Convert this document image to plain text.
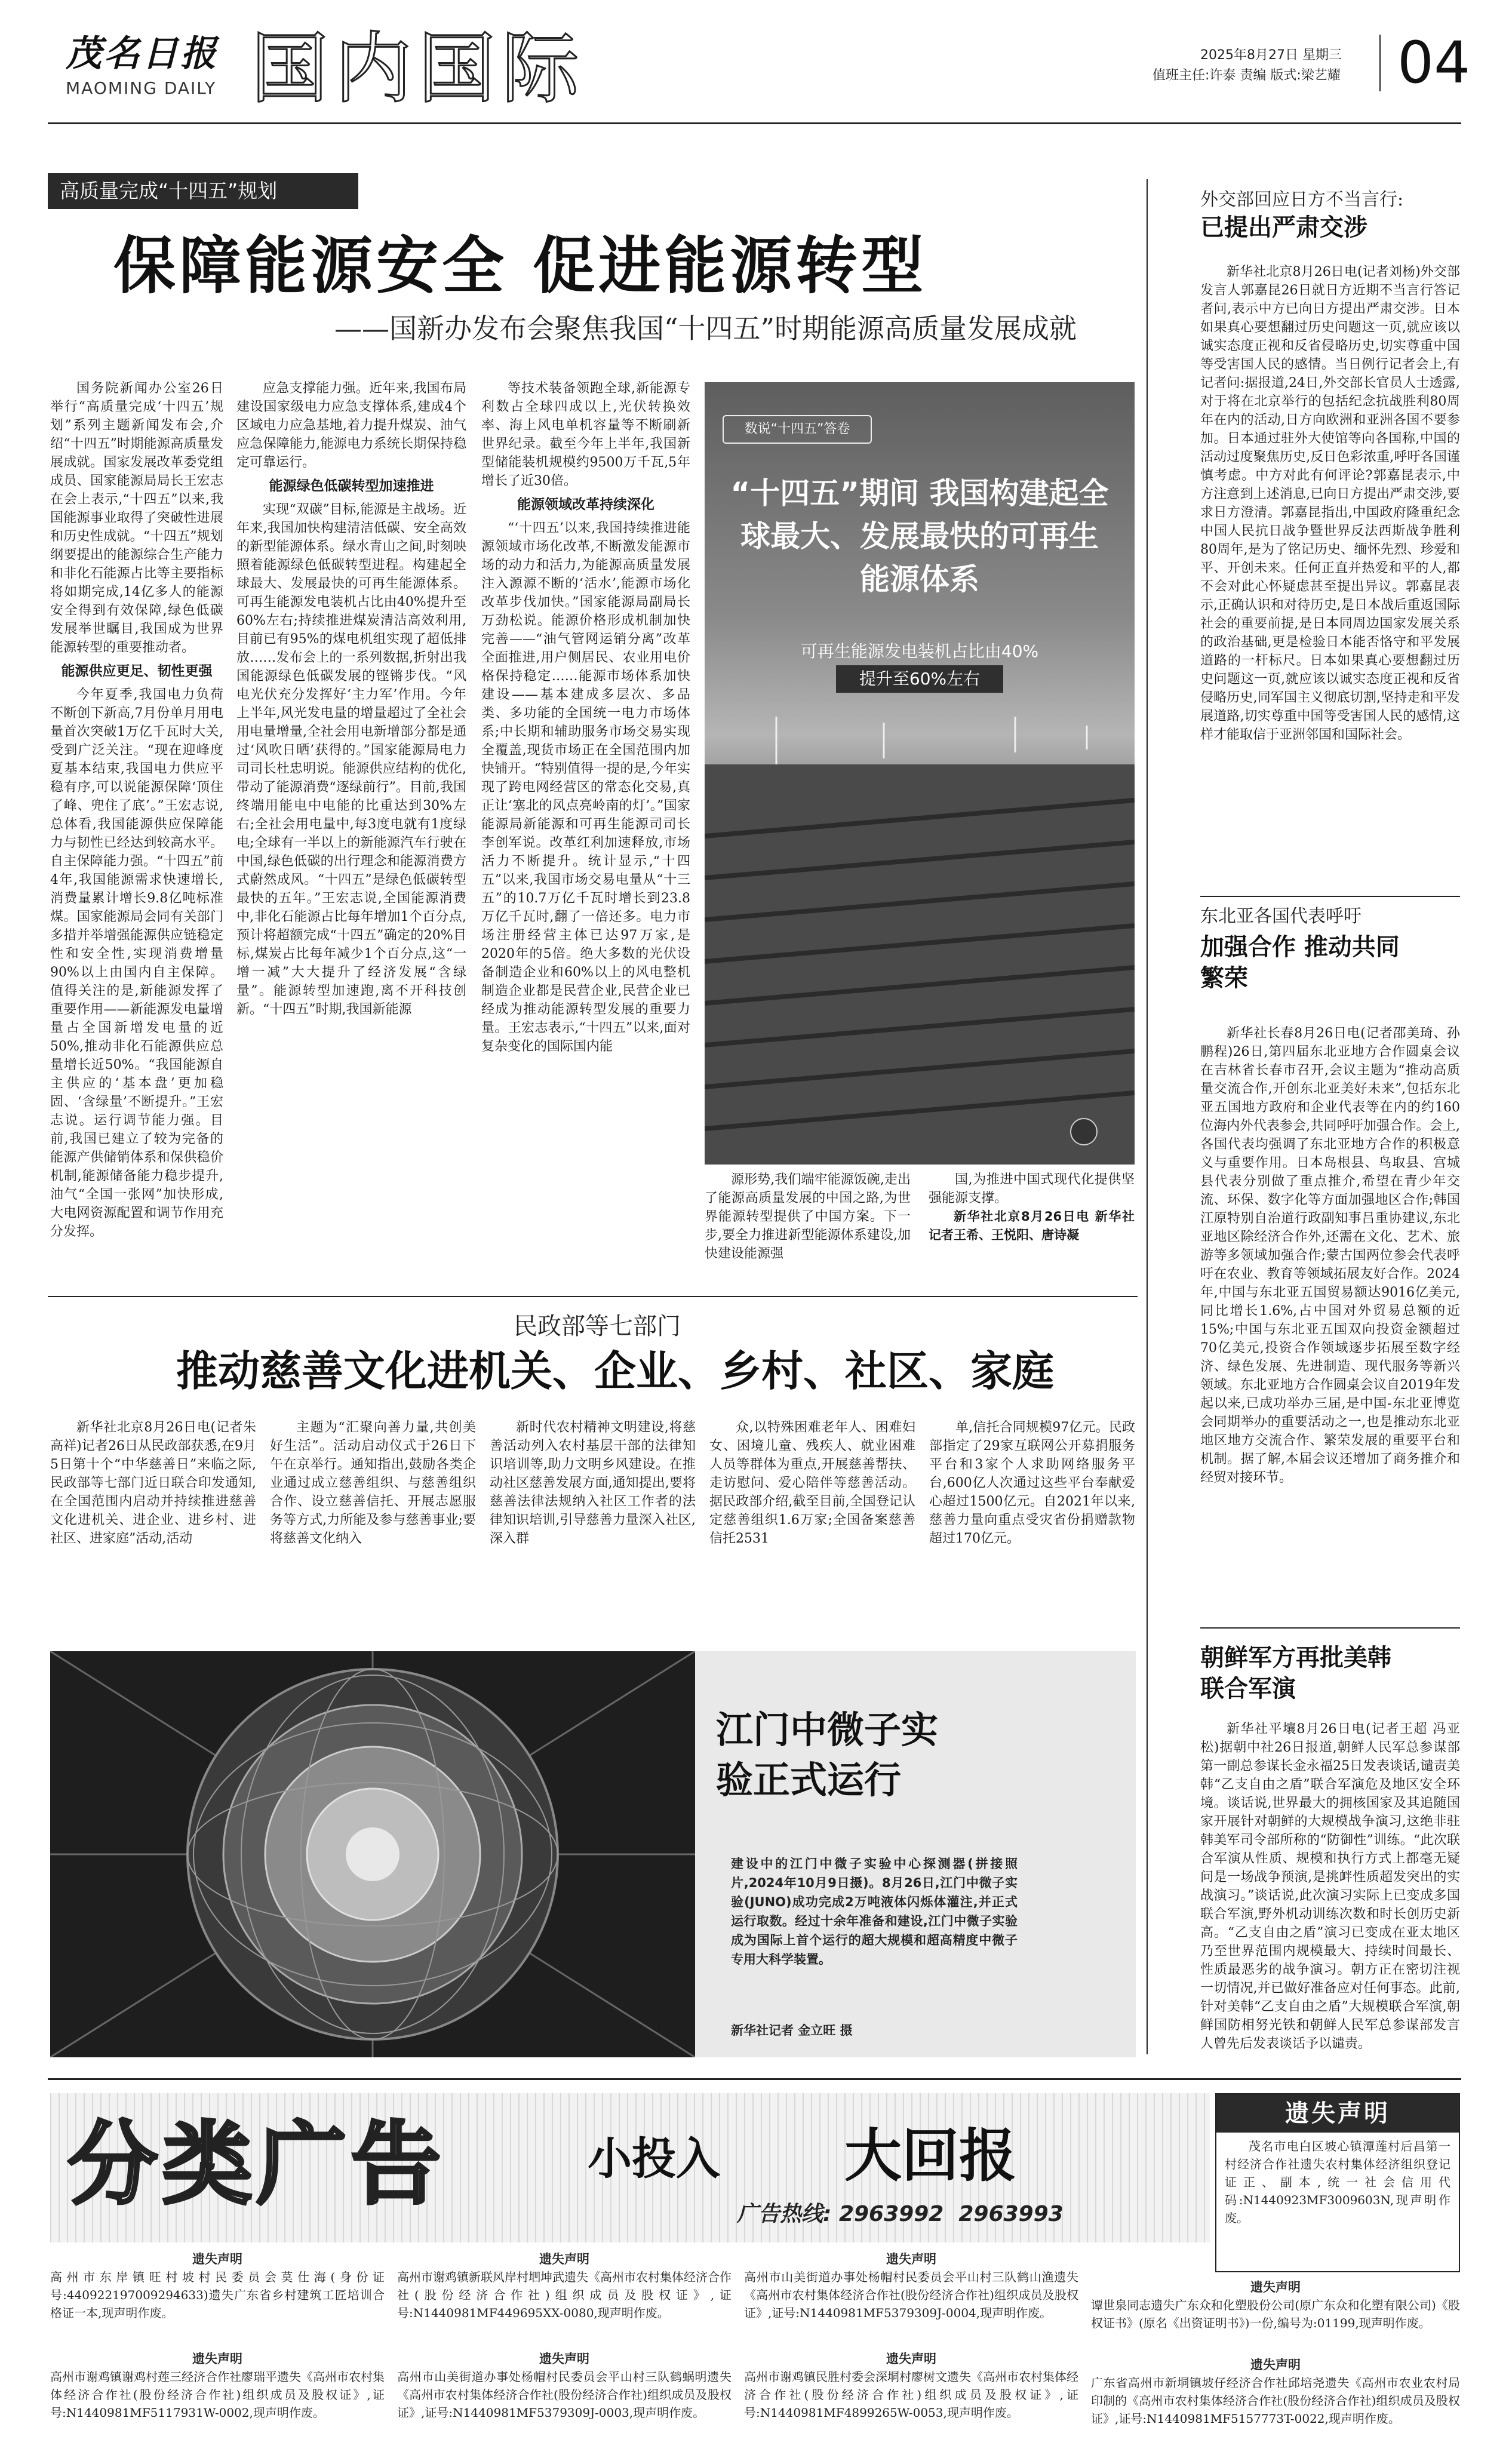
茂名日报
MAOMING DAILY 国内国际	2025年8月27日 星期三
值班主任:许泰 责编 版式:梁艺耀 04
高质量完成“十四五”规划
保障能源安全 促进能源转型
——国新办发布会聚焦我国“十四五”时期能源高质量发展成就

国务院新闻办公室26日举行“高质量完成‘十四五’规划”系列主题新闻发布会,介绍“十四五”时期能源高质量发展成就。国家发展改革委党组成员、国家能源局局长王宏志在会上表示,“十四五”以来,我国能源事业取得了突破性进展和历史性成就。“十四五”规划纲要提出的能源综合生产能力和非化石能源占比等主要指标将如期完成,14亿多人的能源安全得到有效保障,绿色低碳发展举世瞩目,我国成为世界能源转型的重要推动者。

能源供应更足、韧性更强

今年夏季,我国电力负荷不断创下新高,7月份单月用电量首次突破1万亿千瓦时大关,受到广泛关注。“现在迎峰度夏基本结束,我国电力供应平稳有序,可以说能源保障‘顶住了峰、兜住了底’。”王宏志说,总体看,我国能源供应保障能力与韧性已经达到较高水平。自主保障能力强。“十四五”前4年,我国能源需求快速增长,消费量累计增长9.8亿吨标准煤。国家能源局会同有关部门多措并举增强能源供应链稳定性和安全性,实现消费增量90%以上由国内自主保障。值得关注的是,新能源发挥了重要作用——新能源发电量增量占全国新增发电量的近50%,推动非化石能源供应总量增长近50%。“我国能源自主供应的‘基本盘’更加稳固、‘含绿量’不断提升。”王宏志说。运行调节能力强。目前,我国已建立了较为完备的能源产供储销体系和保供稳价机制,能源储备能力稳步提升,油气“全国一张网”加快形成,大电网资源配置和调节作用充分发挥。

应急支撑能力强。近年来,我国布局建设国家级电力应急支撑体系,建成4个区域电力应急基地,着力提升煤炭、油气应急保障能力,能源电力系统长期保持稳定可靠运行。

能源绿色低碳转型加速推进

实现“双碳”目标,能源是主战场。近年来,我国加快构建清洁低碳、安全高效的新型能源体系。绿水青山之间,时刻映照着能源绿色低碳转型进程。构建起全球最大、发展最快的可再生能源体系。可再生能源发电装机占比由40%提升至60%左右;持续推进煤炭清洁高效利用,目前已有95%的煤电机组实现了超低排放……发布会上的一系列数据,折射出我国能源绿色低碳发展的铿锵步伐。“风电光伏充分发挥好‘主力军’作用。今年上半年,风光发电量的增量超过了全社会用电量增量,全社会用电新增部分都是通过‘风吹日晒’获得的。”国家能源局电力司司长杜忠明说。能源供应结构的优化,带动了能源消费“逐绿前行”。目前,我国终端用能电中电能的比重达到30%左右;全社会用电量中,每3度电就有1度绿电;全球有一半以上的新能源汽车行驶在中国,绿色低碳的出行理念和能源消费方式蔚然成风。“十四五”是绿色低碳转型最快的五年。”王宏志说,全国能源消费中,非化石能源占比每年增加1个百分点,预计将超额完成“十四五”确定的20%目标,煤炭占比每年减少1个百分点,这“一增一减”大大提升了经济发展“含绿量”。能源转型加速跑,离不开科技创新。“十四五”时期,我国新能源

等技术装备领跑全球,新能源专利数占全球四成以上,光伏转换效率、海上风电单机容量等不断刷新世界纪录。截至今年上半年,我国新型储能装机规模约9500万千瓦,5年增长了近30倍。

能源领域改革持续深化

“‘十四五’以来,我国持续推进能源领域市场化改革,不断激发能源市场的动力和活力,为能源高质量发展注入源源不断的‘活水’,能源市场化改革步伐加快。”国家能源局副局长万劲松说。能源价格形成机制加快完善——“油气管网运销分离”改革全面推进,用户侧居民、农业用电价格保持稳定……能源市场体系加快建设——基本建成多层次、多品类、多功能的全国统一电力市场体系;中长期和辅助服务市场交易实现全覆盖,现货市场正在全国范围内加快铺开。“特别值得一提的是,今年实现了跨电网经营区的常态化交易,真正让‘塞北的风点亮岭南的灯’。”国家能源局新能源和可再生能源司司长李创军说。改革红利加速释放,市场活力不断提升。统计显示,“十四五”以来,我国市场交易电量从“十三五”的10.7万亿千瓦时增长到23.8万亿千瓦时,翻了一倍还多。电力市场注册经营主体已达97万家,是2020年的5倍。绝大多数的光伏设备制造企业和60%以上的风电整机制造企业都是民营企业,民营企业已经成为推动能源转型发展的重要力量。王宏志表示,“十四五”以来,面对复杂变化的国际国内能

数说“十四五”答卷
“十四五”期间 我国构建起全球最大、发展最快的可再生能源体系
可再生能源发电装机占比由40%
提升至60%左右

源形势,我们端牢能源饭碗,走出了能源高质量发展的中国之路,为世界能源转型提供了中国方案。下一步,要全力推进新型能源体系建设,加快建设能源强

国,为推进中国式现代化提供坚强能源支撑。

新华社北京8月26日电 新华社记者王希、王悦阳、唐诗凝

民政部等七部门
推动慈善文化进机关、企业、乡村、社区、家庭

新华社北京8月26日电(记者朱高祥)记者26日从民政部获悉,在9月5日第十个“中华慈善日”来临之际,民政部等七部门近日联合印发通知,在全国范围内启动并持续推进慈善文化进机关、进企业、进乡村、进社区、进家庭”活动,活动

主题为“汇聚向善力量,共创美好生活”。活动启动仪式于26日下午在京举行。通知指出,鼓励各类企业通过成立慈善组织、与慈善组织合作、设立慈善信托、开展志愿服务等方式,力所能及参与慈善事业;要将慈善文化纳入

新时代农村精神文明建设,将慈善活动列入农村基层干部的法律知识培训等,助力文明乡风建设。在推动社区慈善发展方面,通知提出,要将慈善法律法规纳入社区工作者的法律知识培训,引导慈善力量深入社区,深入群

众,以特殊困难老年人、困难妇女、困境儿童、残疾人、就业困难人员等群体为重点,开展慈善帮扶、走访慰问、爱心陪伴等慈善活动。据民政部介绍,截至目前,全国登记认定慈善组织1.6万家;全国备案慈善信托2531

单,信托合同规模97亿元。民政部指定了29家互联网公开募捐服务平台和3家个人求助网络服务平台,600亿人次通过这些平台奉献爱心超过1500亿元。自2021年以来,慈善力量向重点受灾省份捐赠款物超过170亿元。

江门中微子实验正式运行
建设中的江门中微子实验中心探测器(拼接照片,2024年10月9日摄)。8月26日,江门中微子实验(JUNO)成功完成2万吨液体闪烁体灌注,并正式运行取数。经过十余年准备和建设,江门中微子实验成为国际上首个运行的超大规模和超高精度中微子专用大科学装置。
新华社记者 金立旺 摄
外交部回应日方不当言行:
已提出严肃交涉

新华社北京8月26日电(记者刘杨)外交部发言人郭嘉昆26日就日方近期不当言行答记者问,表示中方已向日方提出严肃交涉。日本如果真心要想翻过历史问题这一页,就应该以诚实态度正视和反省侵略历史,切实尊重中国等受害国人民的感情。当日例行记者会上,有记者问:据报道,24日,外交部长官员人士透露,对于将在北京举行的包括纪念抗战胜利80周年在内的活动,日方向欧洲和亚洲各国不要参加。日本通过驻外大使馆等向各国称,中国的活动过度聚焦历史,反日色彩浓重,呼吁各国谨慎考虑。中方对此有何评论?郭嘉昆表示,中方注意到上述消息,已向日方提出严肃交涉,要求日方澄清。郭嘉昆指出,中国政府隆重纪念中国人民抗日战争暨世界反法西斯战争胜利80周年,是为了铭记历史、缅怀先烈、珍爱和平、开创未来。任何正直并热爱和平的人,都不会对此心怀疑虑甚至提出异议。郭嘉昆表示,正确认识和对待历史,是日本战后重返国际社会的重要前提,是日本同周边国家发展关系的政治基础,更是检验日本能否恪守和平发展道路的一杆标尺。日本如果真心要想翻过历史问题这一页,就应该以诚实态度正视和反省侵略历史,同军国主义彻底切割,坚持走和平发展道路,切实尊重中国等受害国人民的感情,这样才能取信于亚洲邻国和国际社会。

东北亚各国代表呼吁
加强合作 推动共同繁荣

新华社长春8月26日电(记者邵美琦、孙鹏程)26日,第四届东北亚地方合作圆桌会议在吉林省长春市召开,会议主题为“推动高质量交流合作,开创东北亚美好未来”,包括东北亚五国地方政府和企业代表等在内的约160位海内外代表参会,共同呼吁加强合作。会上,各国代表均强调了东北亚地方合作的积极意义与重要作用。日本岛根县、鸟取县、宫城县代表分别做了重点推介,希望在青少年交流、环保、数字化等方面加强地区合作;韩国江原特别自治道行政副知事吕重协建议,东北亚地区除经济合作外,还需在文化、艺术、旅游等多领域加强合作;蒙古国两位参会代表呼吁在农业、教育等领域拓展友好合作。2024年,中国与东北亚五国贸易额达9016亿美元,同比增长1.6%,占中国对外贸易总额的近15%;中国与东北亚五国双向投资金额超过70亿美元,投资合作领域逐步拓展至数字经济、绿色发展、先进制造、现代服务等新兴领域。东北亚地方合作圆桌会议自2019年发起以来,已成功举办三届,是中国-东北亚博览会同期举办的重要活动之一,也是推动东北亚地区地方交流合作、繁荣发展的重要平台和机制。据了解,本届会议还增加了商务推介和经贸对接环节。

朝鲜军方再批美韩联合军演

新华社平壤8月26日电(记者王超 冯亚松)据朝中社26日报道,朝鲜人民军总参谋部第一副总参谋长金永福25日发表谈话,谴责美韩“乙支自由之盾”联合军演危及地区安全环境。谈话说,世界最大的拥核国家及其追随国家开展针对朝鲜的大规模战争演习,这绝非驻韩美军司令部所称的“防御性”训练。“此次联合军演从性质、规模和执行方式上都毫无疑问是一场战争预演,是挑衅性质超发突出的实战演习。”谈话说,此次演习实际上已变成多国联合军演,野外机动训练次数和时长创历史新高。“乙支自由之盾”演习已变成在亚太地区乃至世界范围内规模最大、持续时间最长、性质最恶劣的战争演习。朝方正在密切注视一切情况,并已做好准备应对任何事态。此前,针对美韩“乙支自由之盾”大规模联合军演,朝鲜国防相努光铁和朝鲜人民军总参谋部发言人曾先后发表谈话予以谴责。

分类广告	小投入 大回报
广告热线: 2963992  2963993
遗失声明
茂名市电白区坡心镇潭莲村后昌第一村经济合作社遗失农村集体经济组织登记证正、副本,统一社会信用代码:N1440923MF3009603N,现声明作废。
遗失声明
高州市东岸镇旺村坡村民委员会莫仕海(身份证号:440922197009294633)遗失广东省乡村建筑工匠培训合格证一本,现声明作废。
遗失声明
高州市谢鸡镇新联风岸村垇坤武遗失《高州市农村集体经济合作社(股份经济合作社)组织成员及股权证》,证号:N1440981MF449695XX-0080,现声明作废。
遗失声明
高州市山美街道办事处杨帽村民委员会平山村三队鹤山渔遗失《高州市农村集体经济合作社(股份经济合作社)组织成员及股权证》,证号:N1440981MF5379309J-0004,现声明作废。
遗失声明
谭世泉同志遗失广东众和化塑股份公司(原广东众和化塑有限公司)《股权证书》(原名《出资证明书》)一份,编号为:01199,现声明作废。
遗失声明
高州市谢鸡镇谢鸡村莲三经济合作社廖瑞平遗失《高州市农村集体经济合作社(股份经济合作社)组织成员及股权证》,证号:N1440981MF5117931W-0002,现声明作废。
遗失声明
高州市山美街道办事处杨帽村民委员会平山村三队鹤蜗明遗失《高州市农村集体经济合作社(股份经济合作社)组织成员及股权证》,证号:N1440981MF5379309J-0003,现声明作废。
遗失声明
高州市谢鸡镇民胜村委会深垌村廖树文遗失《高州市农村集体经济合作社(股份经济合作社)组织成员及股权证》,证号:N1440981MF4899265W-0053,现声明作废。
遗失声明
广东省高州市新垌镇坡仔经济合作社邱培尧遗失《高州市农业农村局印制的《高州市农村集体经济合作社(股份经济合作社)组织成员及股权证》,证号:N1440981MF5157773T-0022,现声明作废。
